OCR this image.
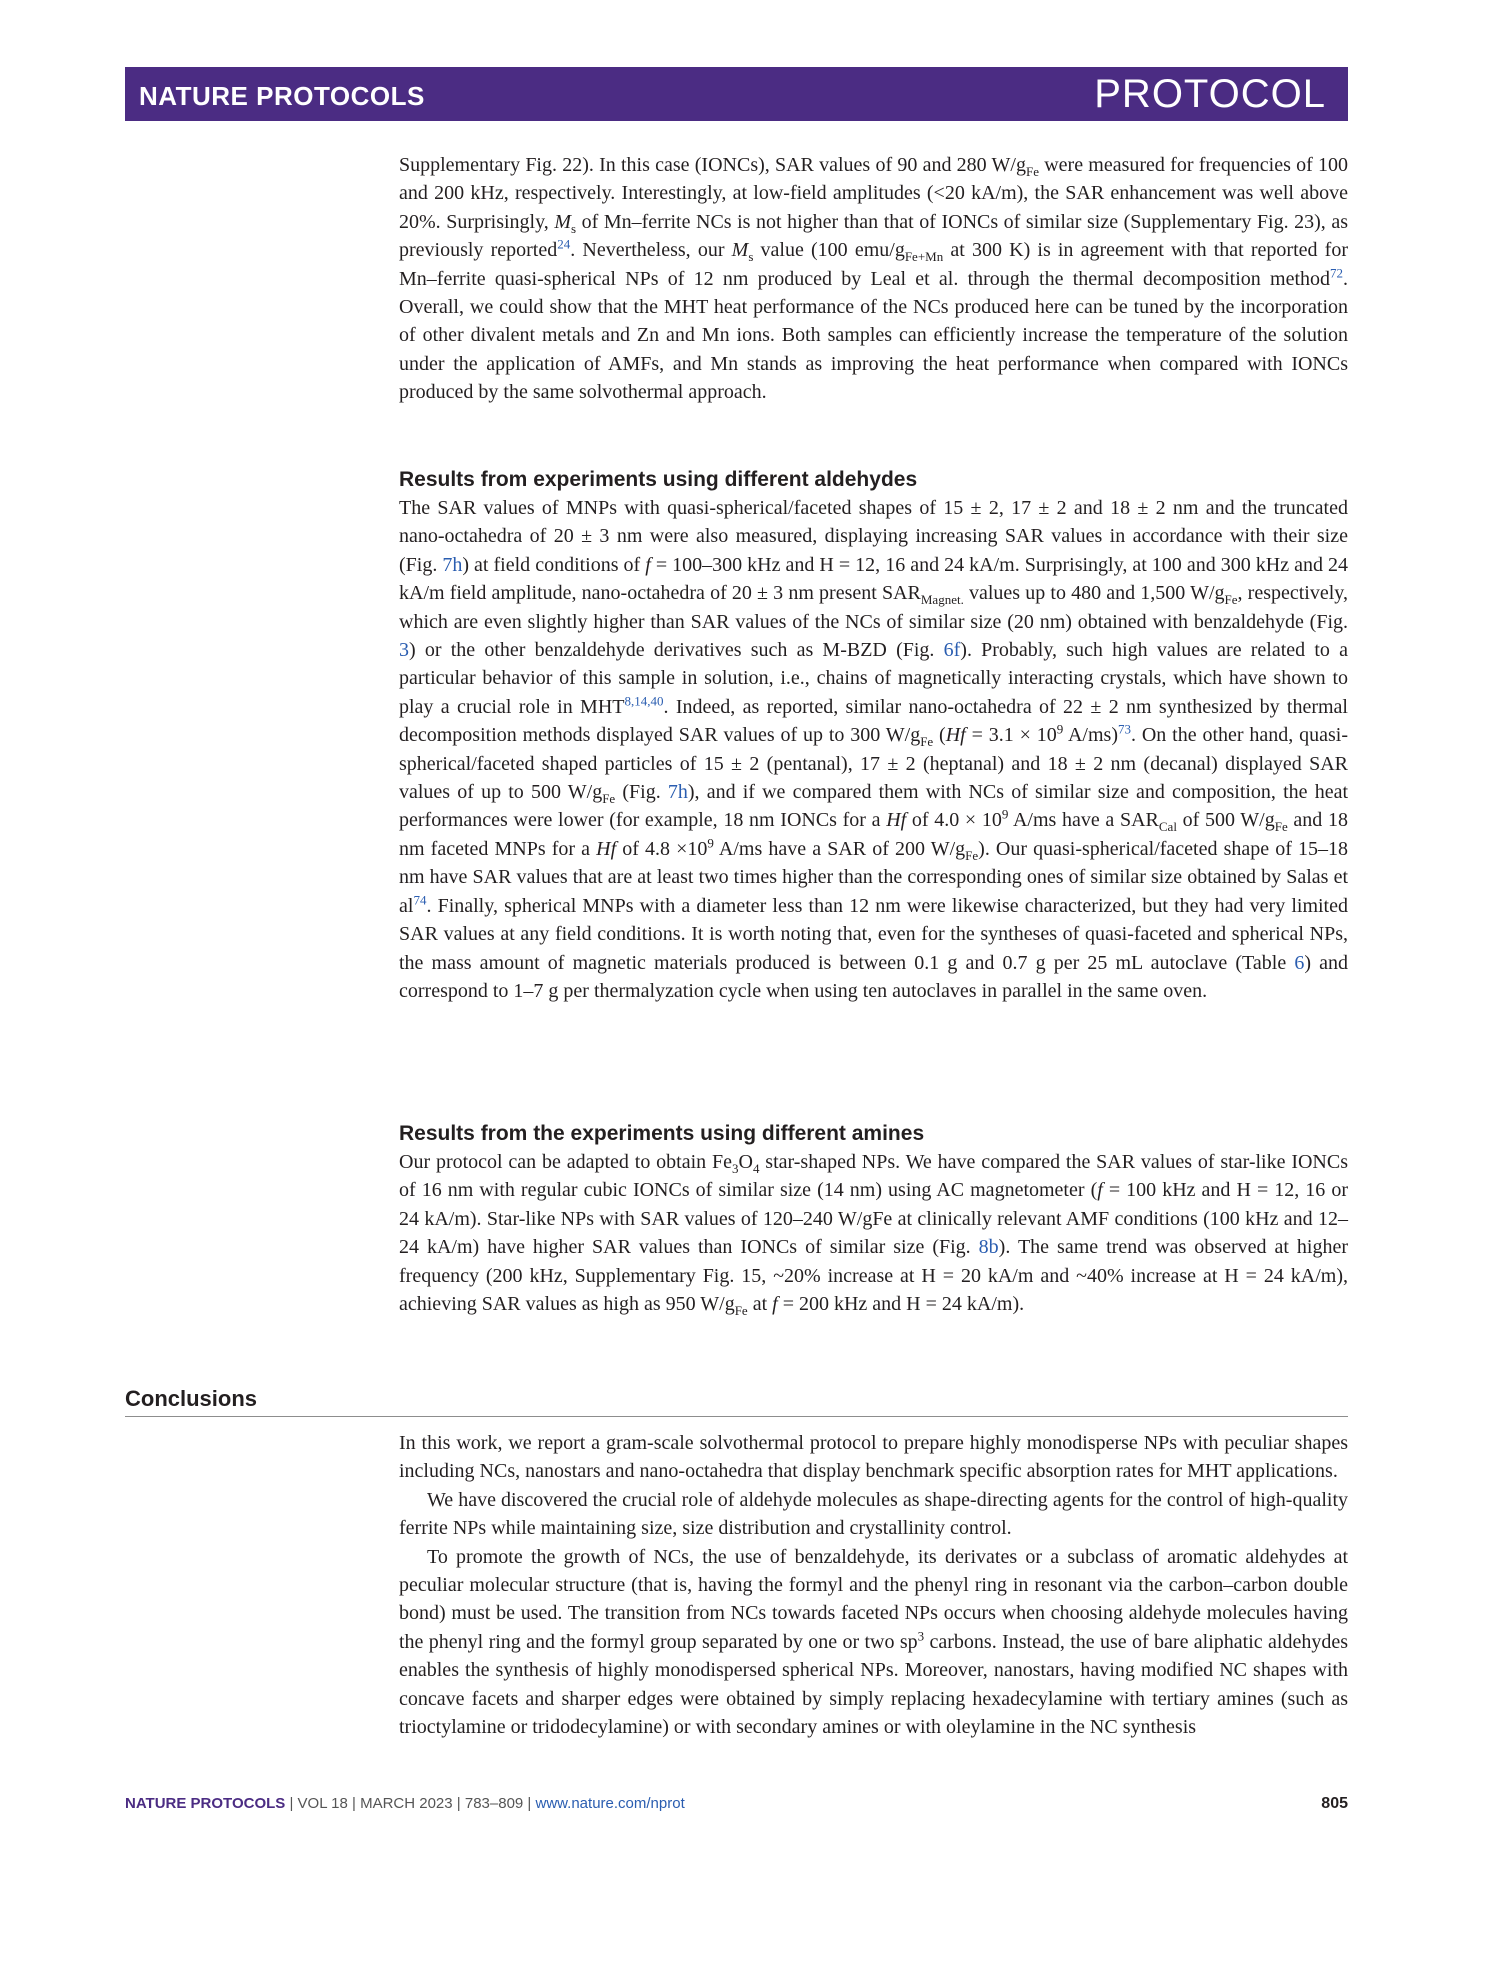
NATURE PROTOCOLS	PROTOCOL

Supplementary Fig. 22). In this case (IONCs), SAR values of 90 and 280 $W/g_{Fe}$ were measured for frequencies of 100 and 200 kHz, respectively. Interestingly, at low-field amplitudes (<20 kA/m), the SAR enhancement was well above 20%. Surprisingly, $M_s$ of Mn–ferrite NCs is not higher than that of IONCs of similar size (Supplementary Fig. 23), as previously reported$^{24}$. Nevertheless, our $M_s$ value (100 emu/$g_{Fe+Mn}$ at 300 K) is in agreement with that reported for Mn–ferrite quasi-spherical NPs of 12 nm produced by Leal et al. through the thermal decomposition method$^{72}$. Overall, we could show that the MHT heat performance of the NCs produced here can be tuned by the incorporation of other divalent metals and Zn and Mn ions. Both samples can efficiently increase the temperature of the solution under the application of AMFs, and Mn stands as improving the heat performance when compared with IONCs produced by the same solvothermal approach.

Results from experiments using different aldehydes

The SAR values of MNPs with quasi-spherical/faceted shapes of 15 ± 2, 17 ± 2 and 18 ± 2 nm and the truncated nano-octahedra of 20 ± 3 nm were also measured, displaying increasing SAR values in accordance with their size (Fig. 7h) at field conditions of f = 100–300 kHz and H = 12, 16 and 24 kA/m. Surprisingly, at 100 and 300 kHz and 24 kA/m field amplitude, nano-octahedra of 20 ± 3 nm present $SAR_{Magnet.}$ values up to 480 and 1,500 $W/g_{Fe}$, respectively, which are even slightly higher than SAR values of the NCs of similar size (20 nm) obtained with benzaldehyde (Fig. 3) or the other benzaldehyde derivatives such as M-BZD (Fig. 6f). Probably, such high values are related to a particular behavior of this sample in solution, i.e., chains of magnetically interacting crystals, which have shown to play a crucial role in MHT$^{8,14,40}$. Indeed, as reported, similar nano-octahedra of 22 ± 2 nm synthesized by thermal decomposition methods displayed SAR values of up to 300 $W/g_{Fe}$ ($Hf = 3.1 \times 10^9$ A/ms)$^{73}$. On the other hand, quasi-spherical/faceted shaped particles of 15 ± 2 (pentanal), 17 ± 2 (heptanal) and 18 ± 2 nm (decanal) displayed SAR values of up to 500 $W/g_{Fe}$ (Fig. 7h), and if we compared them with NCs of similar size and composition, the heat performances were lower (for example, 18 nm IONCs for a Hf of $4.0 \times 10^9$ A/ms have a $SAR_{Cal}$ of 500 $W/g_{Fe}$ and 18 nm faceted MNPs for a Hf of $4.8 \times 10^9$ A/ms have a SAR of 200 $W/g_{Fe}$). Our quasi-spherical/faceted shape of 15–18 nm have SAR values that are at least two times higher than the corresponding ones of similar size obtained by Salas et al$^{74}$. Finally, spherical MNPs with a diameter less than 12 nm were likewise characterized, but they had very limited SAR values at any field conditions. It is worth noting that, even for the syntheses of quasi-faceted and spherical NPs, the mass amount of magnetic materials produced is between 0.1 g and 0.7 g per 25 mL autoclave (Table 6) and correspond to 1–7 g per thermalyzation cycle when using ten autoclaves in parallel in the same oven.

Results from the experiments using different amines

Our protocol can be adapted to obtain $Fe_3O_4$ star-shaped NPs. We have compared the SAR values of star-like IONCs of 16 nm with regular cubic IONCs of similar size (14 nm) using AC magnetometer (f = 100 kHz and H = 12, 16 or 24 kA/m). Star-like NPs with SAR values of 120–240 W/gFe at clinically relevant AMF conditions (100 kHz and 12–24 kA/m) have higher SAR values than IONCs of similar size (Fig. 8b). The same trend was observed at higher frequency (200 kHz, Supplementary Fig. 15, ~20% increase at H = 20 kA/m and ~40% increase at H = 24 kA/m), achieving SAR values as high as 950 $W/g_{Fe}$ at f = 200 kHz and H = 24 kA/m).

Conclusions

In this work, we report a gram-scale solvothermal protocol to prepare highly monodisperse NPs with peculiar shapes including NCs, nanostars and nano-octahedra that display benchmark specific absorption rates for MHT applications.

We have discovered the crucial role of aldehyde molecules as shape-directing agents for the control of high-quality ferrite NPs while maintaining size, size distribution and crystallinity control.

To promote the growth of NCs, the use of benzaldehyde, its derivates or a subclass of aromatic aldehydes at peculiar molecular structure (that is, having the formyl and the phenyl ring in resonant via the carbon–carbon double bond) must be used. The transition from NCs towards faceted NPs occurs when choosing aldehyde molecules having the phenyl ring and the formyl group separated by one or two $sp^3$ carbons. Instead, the use of bare aliphatic aldehydes enables the synthesis of highly monodispersed spherical NPs. Moreover, nanostars, having modified NC shapes with concave facets and sharper edges were obtained by simply replacing hexadecylamine with tertiary amines (such as trioctylamine or tridodecylamine) or with secondary amines or with oleylamine in the NC synthesis

NATURE PROTOCOLS | VOL 18 | MARCH 2023 | 783–809 | www.nature.com/nprot	805
